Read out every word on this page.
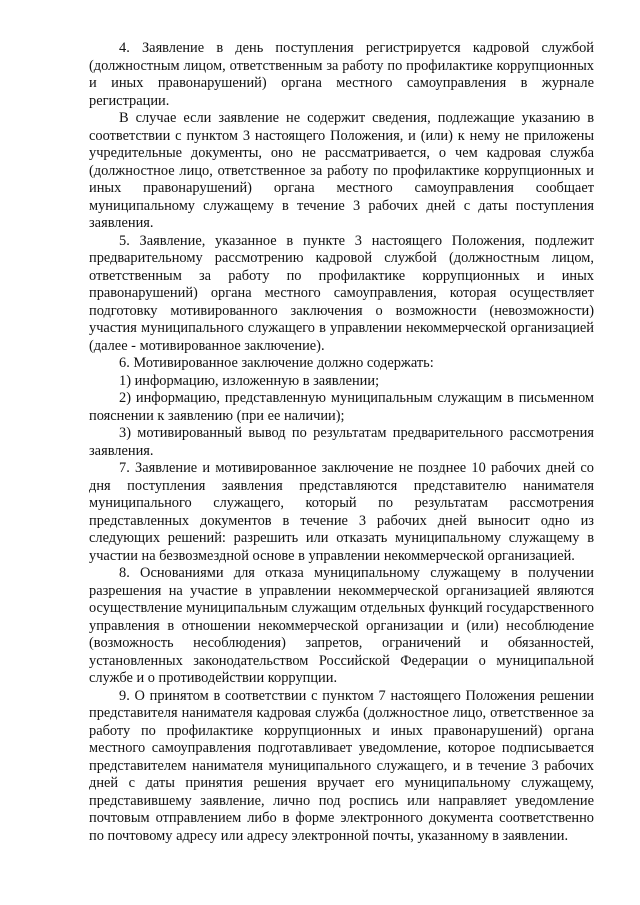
4. Заявление в день поступления регистрируется кадровой службой (должностным лицом, ответственным за работу по профилактике коррупционных и иных правонарушений) органа местного самоуправления в журнале регистрации.

В случае если заявление не содержит сведения, подлежащие указанию в соответствии с пунктом 3 настоящего Положения, и (или) к нему не приложены учредительные документы, оно не рассматривается, о чем кадровая служба (должностное лицо, ответственное за работу по профилактике коррупционных и иных правонарушений) органа местного самоуправления сообщает муниципальному служащему в течение 3 рабочих дней с даты поступления заявления.

5. Заявление, указанное в пункте 3 настоящего Положения, подлежит предварительному рассмотрению кадровой службой (должностным лицом, ответственным за работу по профилактике коррупционных и иных правонарушений) органа местного самоуправления, которая осуществляет подготовку мотивированного заключения о возможности (невозможности) участия муниципального служащего в управлении некоммерческой организацией (далее - мотивированное заключение).

6. Мотивированное заключение должно содержать:

1) информацию, изложенную в заявлении;

2) информацию, представленную муниципальным служащим в письменном пояснении к заявлению (при ее наличии);

3) мотивированный вывод по результатам предварительного рассмотрения заявления.

7. Заявление и мотивированное заключение не позднее 10 рабочих дней со дня поступления заявления представляются представителю нанимателя муниципального служащего, который по результатам рассмотрения представленных документов в течение 3 рабочих дней выносит одно из следующих решений: разрешить или отказать муниципальному служащему в участии на безвозмездной основе в управлении некоммерческой организацией.

8. Основаниями для отказа муниципальному служащему в получении разрешения на участие в управлении некоммерческой организацией являются осуществление муниципальным служащим отдельных функций государственного управления в отношении некоммерческой организации и (или) несоблюдение (возможность несоблюдения) запретов, ограничений и обязанностей, установленных законодательством Российской Федерации о муниципальной службе и о противодействии коррупции.

9. О принятом в соответствии с пунктом 7 настоящего Положения решении представителя нанимателя кадровая служба (должностное лицо, ответственное за работу по профилактике коррупционных и иных правонарушений) органа местного самоуправления подготавливает уведомление, которое подписывается представителем нанимателя муниципального служащего, и в течение 3 рабочих дней с даты принятия решения вручает его муниципальному служащему, представившему заявление, лично под роспись или направляет уведомление почтовым отправлением либо в форме электронного документа соответственно по почтовому адресу или адресу электронной почты, указанному в заявлении.
